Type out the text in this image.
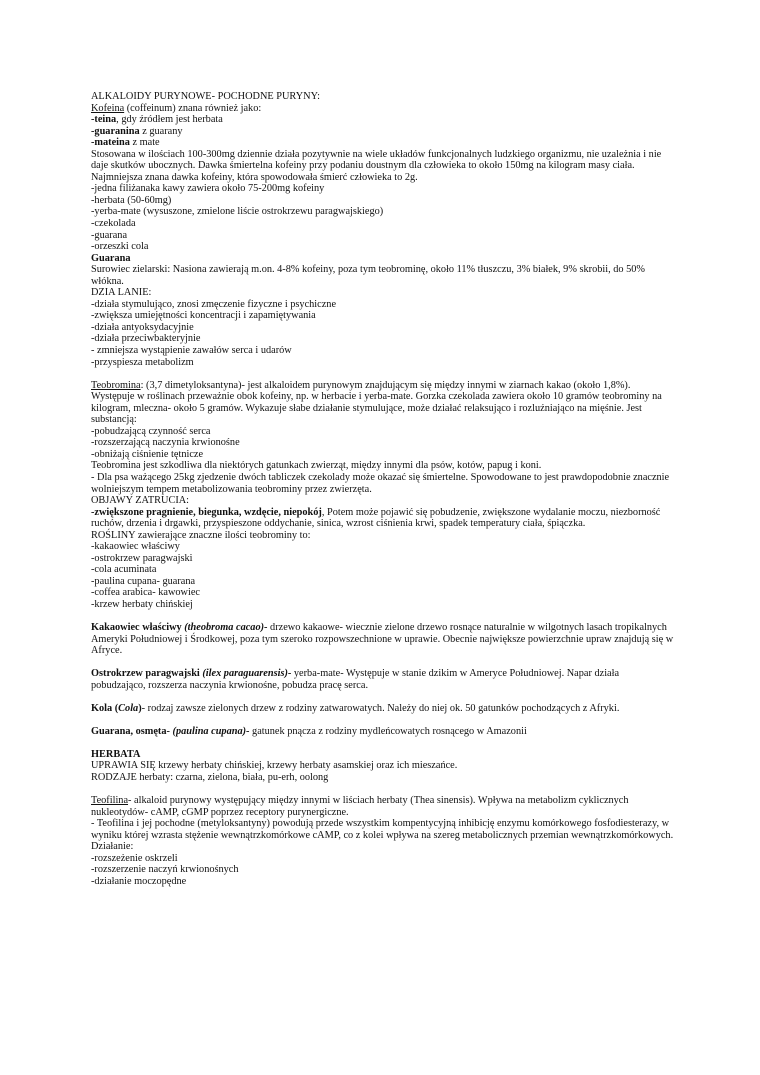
ALKALOIDY PURYNOWE- POCHODNE PURYNY:
Kofeina (coffeinum) znana również jako:
-teina, gdy źródłem jest herbata
-guaranina z guarany
-mateina z mate
Stosowana w ilościach 100-300mg dziennie działa pozytywnie na wiele układów funkcjonalnych ludzkiego organizmu, nie uzależnia i nie
daje skutków ubocznych. Dawka śmiertelna kofeiny przy podaniu doustnym dla człowieka to około 150mg na kilogram masy ciała.
Najmniejsza znana dawka kofeiny, która spowodowała śmierć człowieka to 2g.
-jedna filiżanaka kawy zawiera około 75-200mg kofeiny
-herbata (50-60mg)
-yerba-mate (wysuszone, zmielone liście ostrokrzewu paragwajskiego)
-czekolada
-guarana
-orzeszki cola
Guarana
Surowiec zielarski: Nasiona zawierają m.on. 4-8% kofeiny, poza tym teobrominę, około 11% tłuszczu, 3% białek, 9% skrobii, do 50%
włókna.
DZIA LANIE:
-działa stymulująco, znosi zmęczenie fizyczne i psychiczne
-zwiększa umiejętności koncentracji i zapamiętywania
-działa antyoksydacyjnie
-działa przeciwbakteryjnie
- zmniejsza wystąpienie zawałów serca i udarów
-przyspiesza metabolizm
Teobromina: (3,7 dimetyloksantyna)- jest alkaloidem purynowym znajdującym się między innymi w ziarnach kakao (około 1,8%).
Występuje w roślinach przeważnie obok kofeiny, np. w herbacie i yerba-mate. Gorzka czekolada zawiera około 10 gramów teobrominy na
kilogram, mleczna- około 5 gramów. Wykazuje słabe działanie stymulujące, może działać relaksująco i rozluźniająco na mięśnie. Jest
substancją:
-pobudzającą czynność serca
-rozszerzającą naczynia krwionośne
-obniżają ciśnienie tętnicze
Teobromina jest szkodliwa dla niektórych gatunkach zwierząt, między innymi dla psów, kotów, papug i koni.
- Dla psa ważącego 25kg zjedzenie dwóch tabliczek czekolady może okazać się śmiertelne. Spowodowane to jest prawdopodobnie znacznie
wolniejszym tempem metabolizowania teobrominy przez zwierzęta.
OBJAWY ZATRUCIA:
-zwiększone pragnienie, biegunka, wzdęcie, niepokój, Potem może pojawić się pobudzenie, zwiększone wydalanie moczu, niezborność
ruchów, drzenia i drgawki, przyspieszone oddychanie, sinica, wzrost ciśnienia krwi, spadek temperatury ciała, śpiączka.
ROŚLINY zawierające znaczne ilości teobrominy to:
-kakaowiec właściwy
-ostrokrzew paragwajski
-cola acuminata
-paulina cupana- guarana
-coffea arabica- kawowiec
-krzew herbaty chińskiej
Kakaowiec właściwy (theobroma cacao)- drzewo kakaowe- wiecznie zielone drzewo rosnące naturalnie w wilgotnych lasach tropikalnych
Ameryki Południowej i Środkowej, poza tym szeroko rozpowszechnione w uprawie. Obecnie największe powierzchnie upraw znajdują się w
Afryce.
Ostrokrzew paragwajski (ilex paraguarensis)- yerba-mate- Występuje w stanie dzikim w Ameryce Południowej. Napar działa
pobudzająco, rozszerza naczynia krwionośne, pobudza pracę serca.
Kola (Cola)- rodzaj zawsze zielonych drzew z rodziny zatwarowatych. Należy do niej ok. 50 gatunków pochodzących z Afryki.
Guarana, osmęta- (paulina cupana)- gatunek pnącza z rodziny mydleńcowatych rosnącego w Amazonii
HERBATA
UPRAWIA SIĘ krzewy herbaty chińskiej, krzewy herbaty asamskiej oraz ich mieszańce.
RODZAJE herbaty: czarna, zielona, biała, pu-erh, oolong
Teofilina- alkaloid purynowy występujący między innymi w liściach herbaty (Thea sinensis). Wpływa na metabolizm cyklicznych
nukleotydów- cAMP, cGMP poprzez receptory purynergiczne.
- Teofilina i jej pochodne (metyloksantyny) powodują przede wszystkim kompentycyjną inhibicję enzymu komórkowego fosfodiesterazy, w
wyniku której wzrasta stężenie wewnątrzkomórkowe cAMP, co z kolei wpływa na szereg metabolicznych przemian wewnątrzkomórkowych.
Działanie:
-rozszeżenie oskrzeli
-rozszerzenie naczyń krwionośnych
-działanie moczopędne
